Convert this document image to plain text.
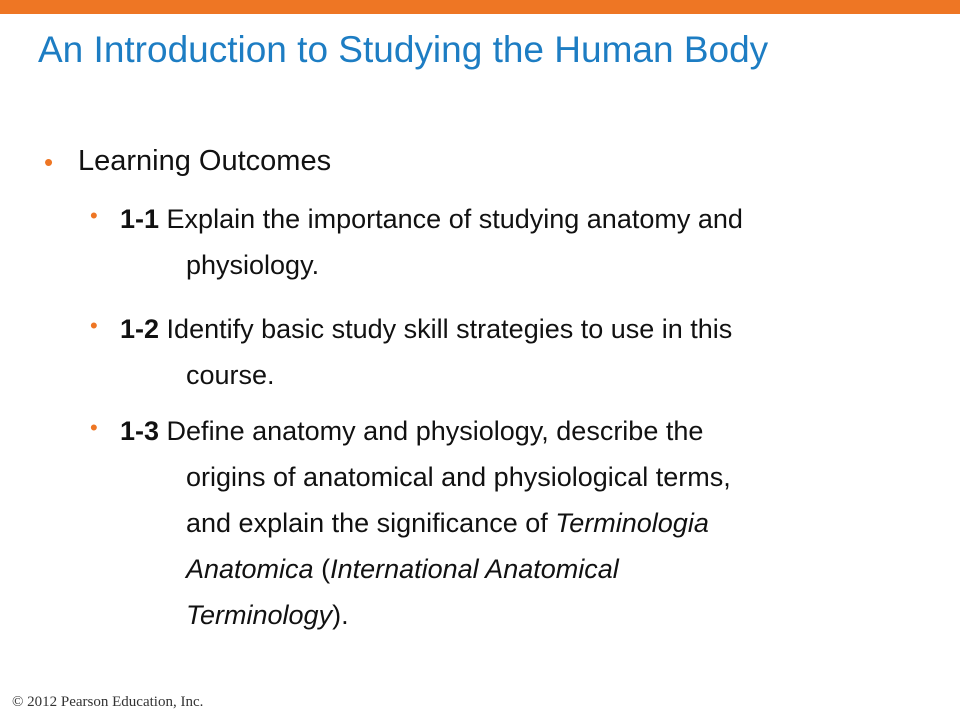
An Introduction to Studying the Human Body
• Learning Outcomes
• 1-1 Explain the importance of studying anatomy and
physiology.
• 1-2 Identify basic study skill strategies to use in this
course.
• 1-3 Define anatomy and physiology, describe the
origins of anatomical and physiological terms,
and explain the significance of Terminologia
Anatomica (International Anatomical
Terminology).
© 2012 Pearson Education, Inc.
